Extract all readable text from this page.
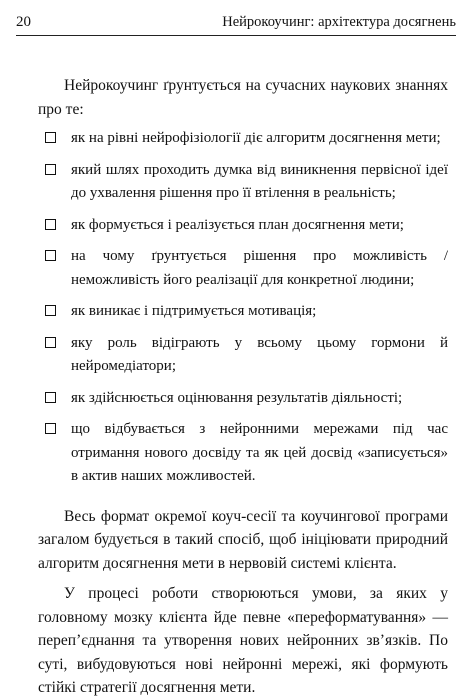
20	Нейрокоучинг: архітектура досягнень

Нейрокоучинг ґрунтується на сучасних наукових знаннях про те:

як на рівні нейрофізіології діє алгоритм досягнення мети;
який шлях проходить думка від виникнення первісної ідеї до ухвалення рішення про її втілення в реальність;
як формується і реалізується план досягнення мети;
на чому ґрунтується рішення про можливість / неможливість його реалізації для конкретної людини;
як виникає і підтримується мотивація;
яку роль відіграють у всьому цьому гормони й нейромедіатори;
як здійснюється оцінювання результатів діяльності;
що відбувається з нейронними мережами під час отримання нового досвіду та як цей досвід «записується» в актив наших можливостей.

Весь формат окремої коуч-сесії та коучингової програми загалом будується в такий спосіб, щоб ініціювати природний алгоритм досягнення мети в нервовій системі клієнта.

У процесі роботи створюються умови, за яких у головному мозку клієнта йде певне «переформатування» — переп’єднання та утворення нових нейронних зв’язків. По суті, вибудовуються нові нейронні мережі, які формують стійкі стратегії досягнення мети.
